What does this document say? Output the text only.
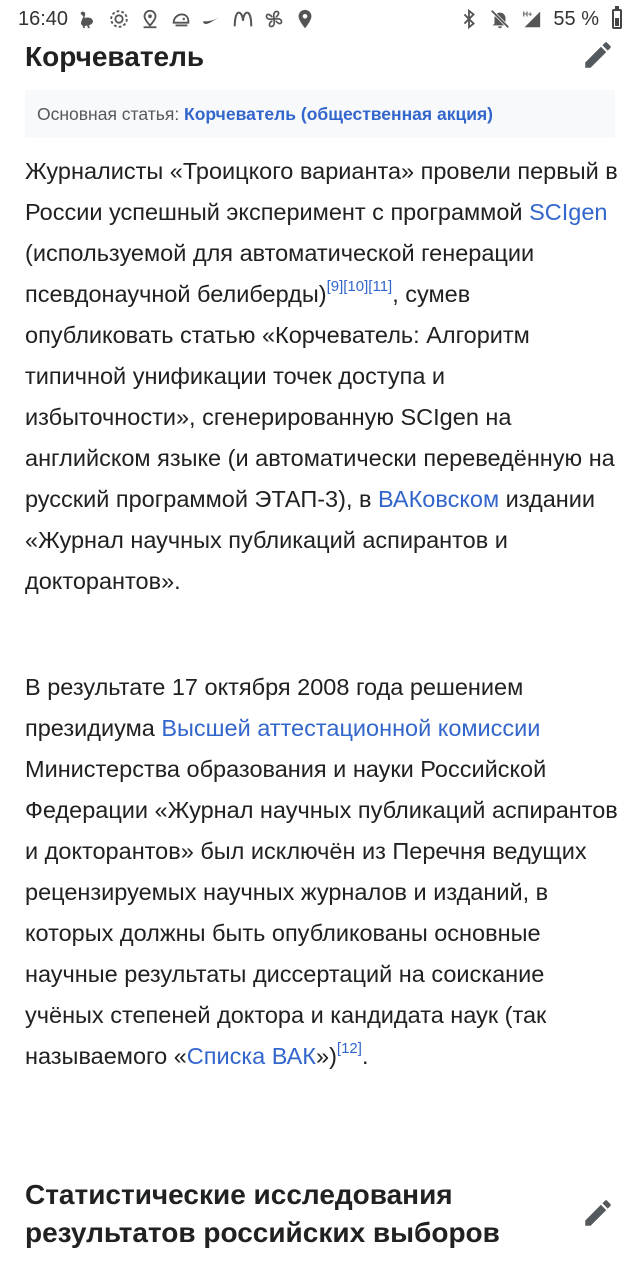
16:40	H+ 55 %
Корчеватель
Основная статья: Корчеватель (общественная акция)

Журналисты «Троицкого варианта» провели первый в России успешный эксперимент с программой SCIgen (используемой для автоматической генерации псевдонаучной белиберды)[9][10][11], сумев опубликовать статью «Корчеватель: Алгоритм типичной унификации точек доступа и избыточности», сгенерированную SCIgen на английском языке (и автоматически переведённую на русский программой ЭТАП-3), в ВАКовском издании «Журнал научных публикаций аспирантов и докторантов».

В результате 17 октября 2008 года решением президиума Высшей аттестационной комиссии Министерства образования и науки Российской Федерации «Журнал научных публикаций аспирантов и докторантов» был исключён из Перечня ведущих рецензируемых научных журналов и изданий, в которых должны быть опубликованы основные научные результаты диссертаций на соискание учёных степеней доктора и кандидата наук (так называемого «Списка ВАК»)[12].

Статистические исследования результатов российских выборов
